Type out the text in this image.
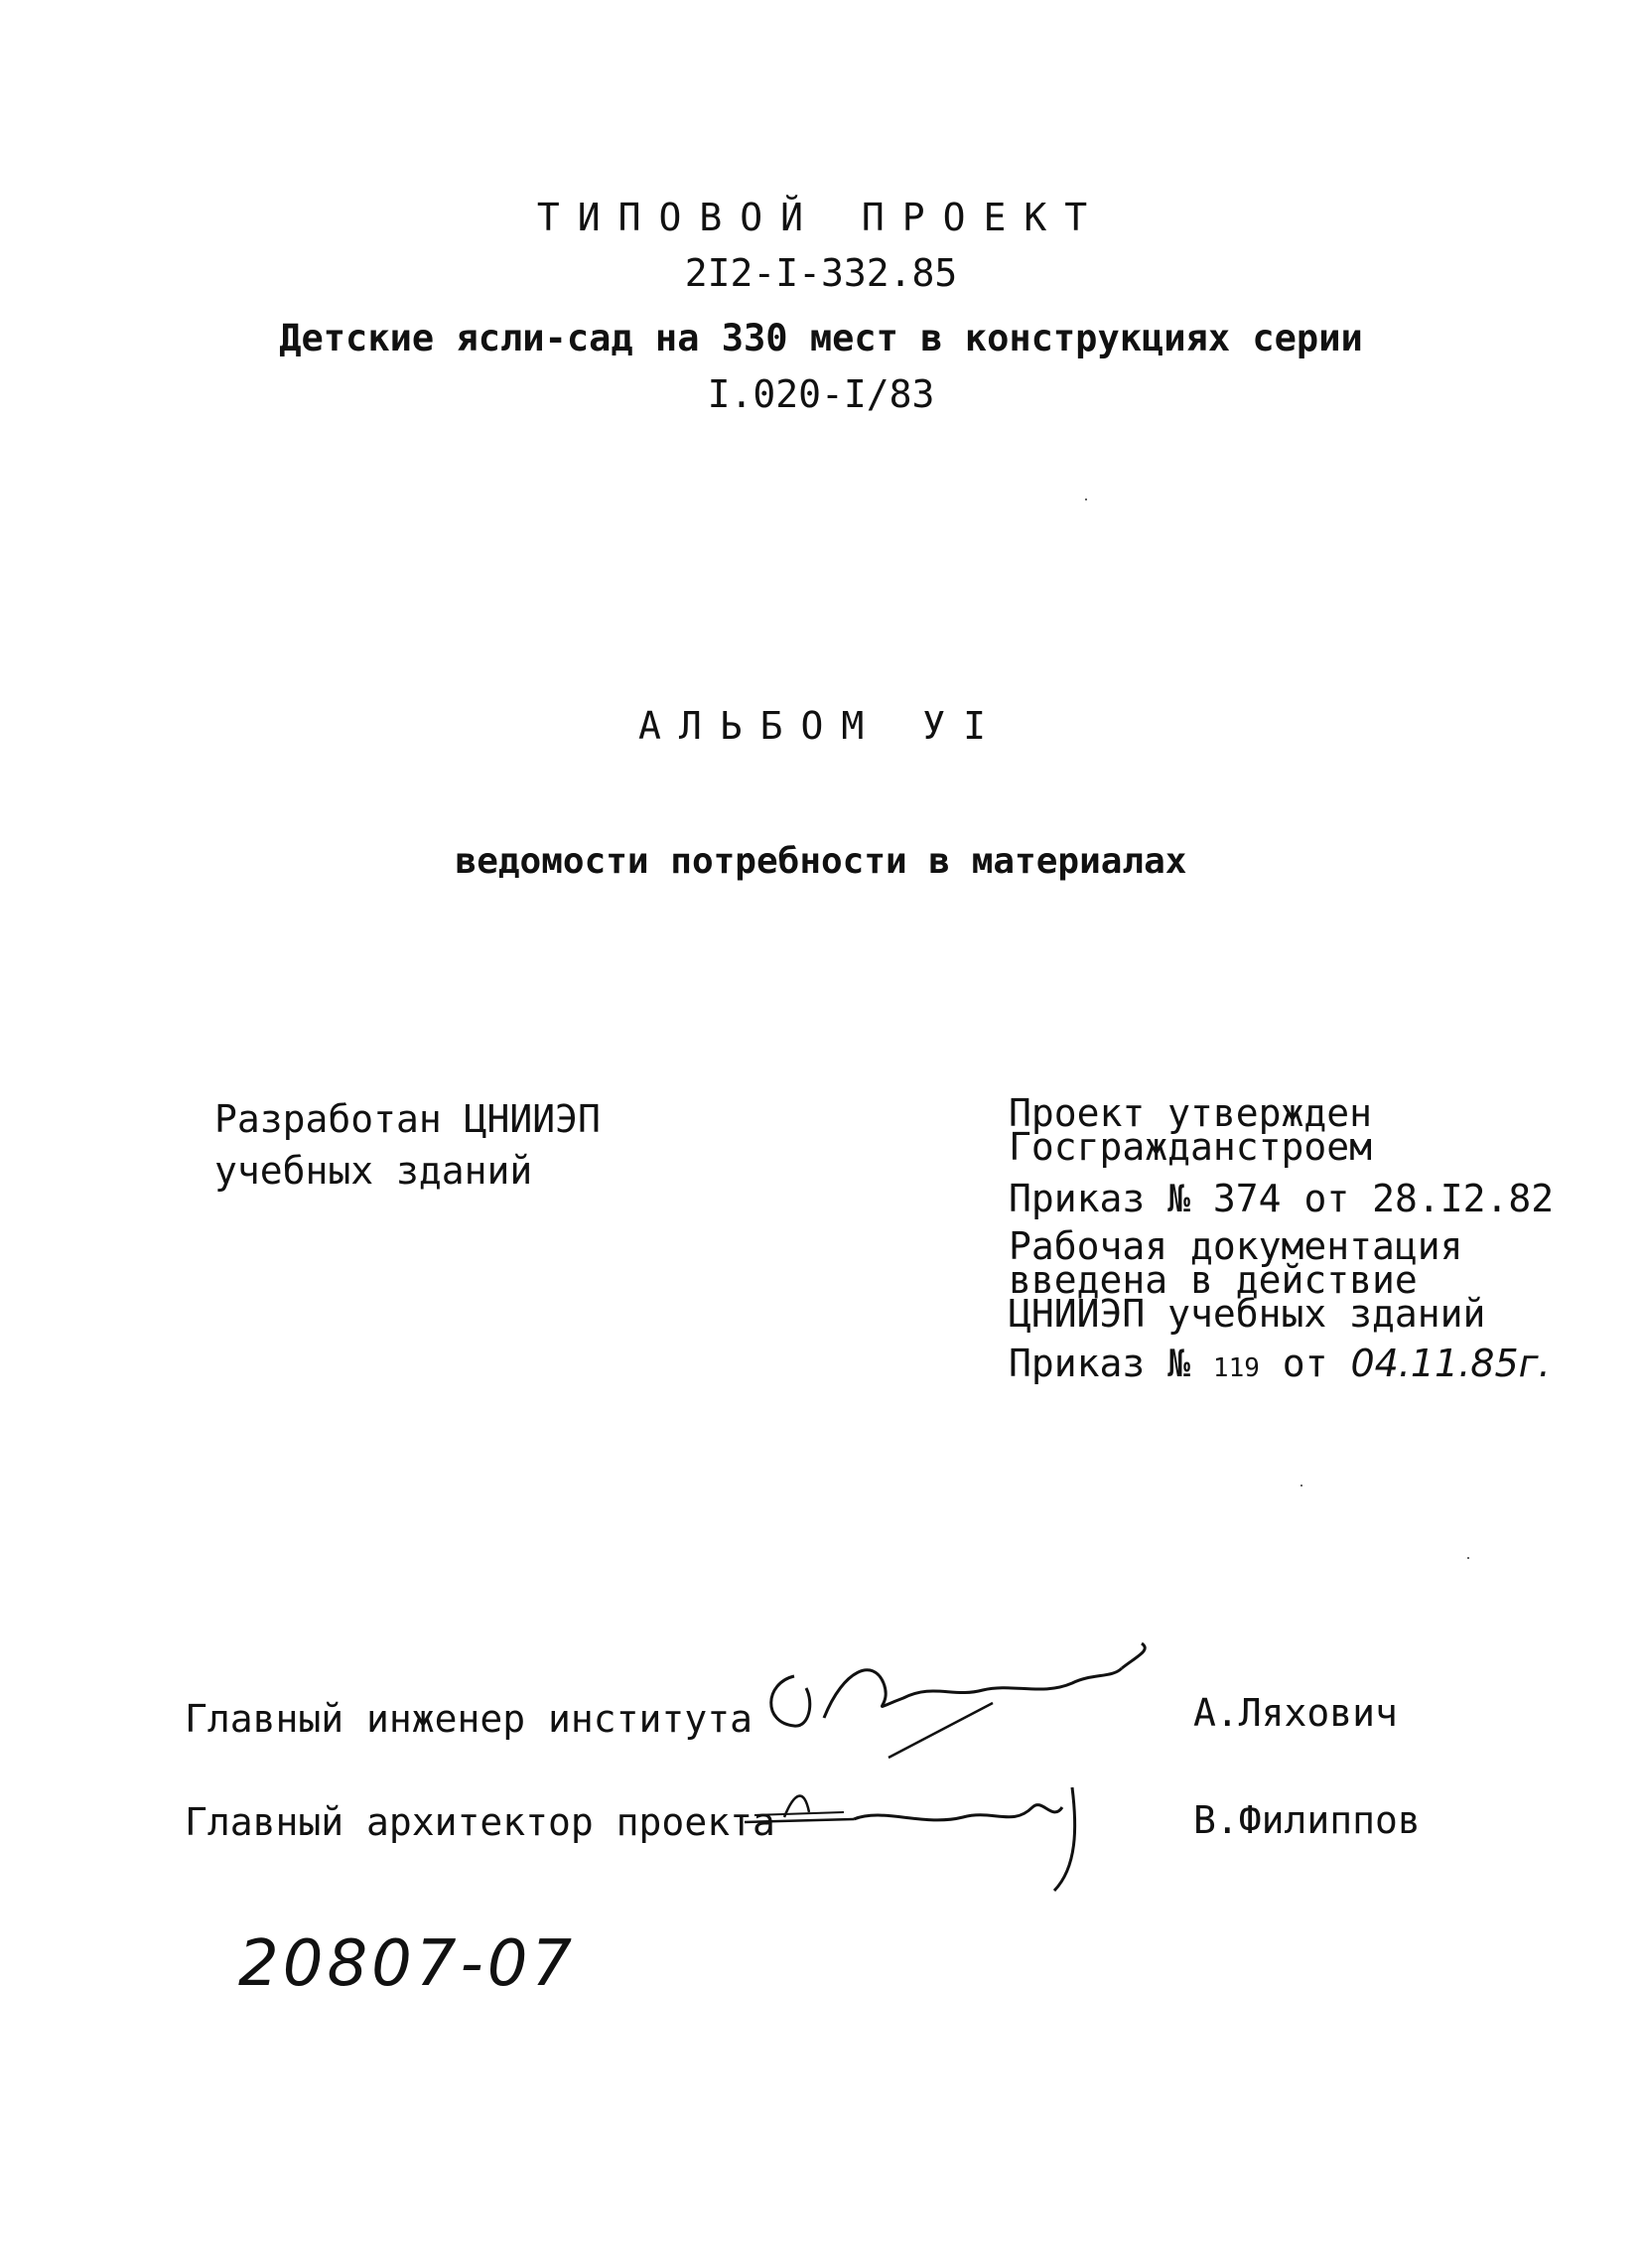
ТИПОВОЙ ПРОЕКТ
2I2-I-332.85
Детские ясли-сад на 330 мест в конструкциях серии
I.020-I/83
АЛЬБОМ УI
ведомости потребности в материалах
Разработан ЦНИИЭП
учебных зданий
Проект утвержден
Госгражданстроем
Приказ № 374 от 28.I2.82
Рабочая документация
введена в действие
ЦНИИЭП учебных зданий
Приказ № 119 от 04.11.85г.
Главный инженер института	А.Ляхович
Главный архитектор проекта	В.Филиппов
20807-07
